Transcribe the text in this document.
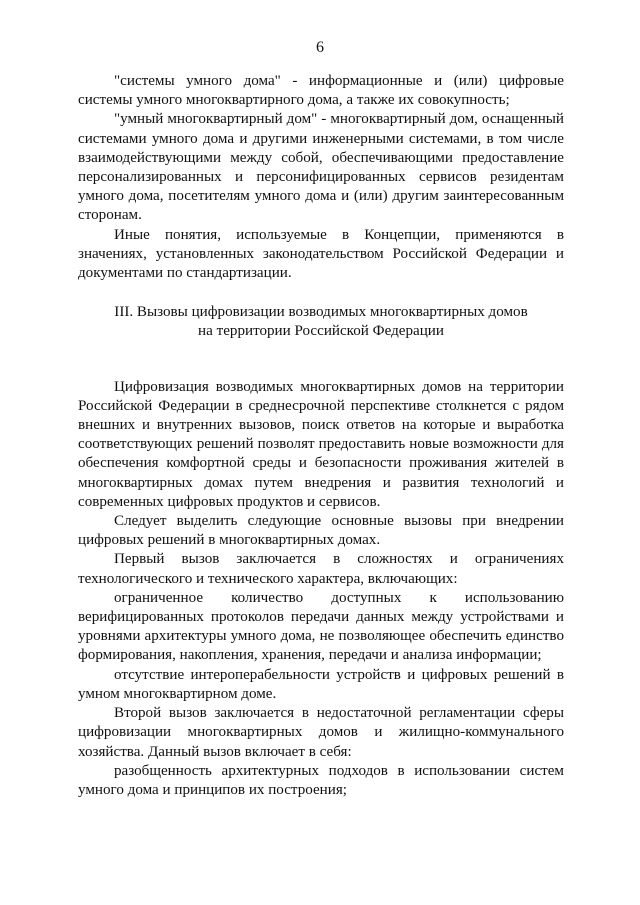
6

"системы умного дома" - информационные и (или) цифровые системы умного многоквартирного дома, а также их совокупность;

"умный многоквартирный дом" - многоквартирный дом, оснащенный системами умного дома и другими инженерными системами, в том числе взаимодействующими между собой, обеспечивающими предоставление персонализированных и персонифицированных сервисов резидентам умного дома, посетителям умного дома и (или) другим заинтересованным сторонам.

Иные понятия, используемые в Концепции, применяются в значениях, установленных законодательством Российской Федерации и документами по стандартизации.

III. Вызовы цифровизации возводимых многоквартирных домов
на территории Российской Федерации

Цифровизация возводимых многоквартирных домов на территории Российской Федерации в среднесрочной перспективе столкнется с рядом внешних и внутренних вызовов, поиск ответов на которые и выработка соответствующих решений позволят предоставить новые возможности для обеспечения комфортной среды и безопасности проживания жителей в многоквартирных домах путем внедрения и развития технологий и современных цифровых продуктов и сервисов.

Следует выделить следующие основные вызовы при внедрении цифровых решений в многоквартирных домах.

Первый вызов заключается в сложностях и ограничениях технологического и технического характера, включающих:

ограниченное количество доступных к использованию верифицированных протоколов передачи данных между устройствами и уровнями архитектуры умного дома, не позволяющее обеспечить единство формирования, накопления, хранения, передачи и анализа информации;

отсутствие интероперабельности устройств и цифровых решений в умном многоквартирном доме.

Второй вызов заключается в недостаточной регламентации сферы цифровизации многоквартирных домов и жилищно-коммунального хозяйства. Данный вызов включает в себя:

разобщенность архитектурных подходов в использовании систем умного дома и принципов их построения;
